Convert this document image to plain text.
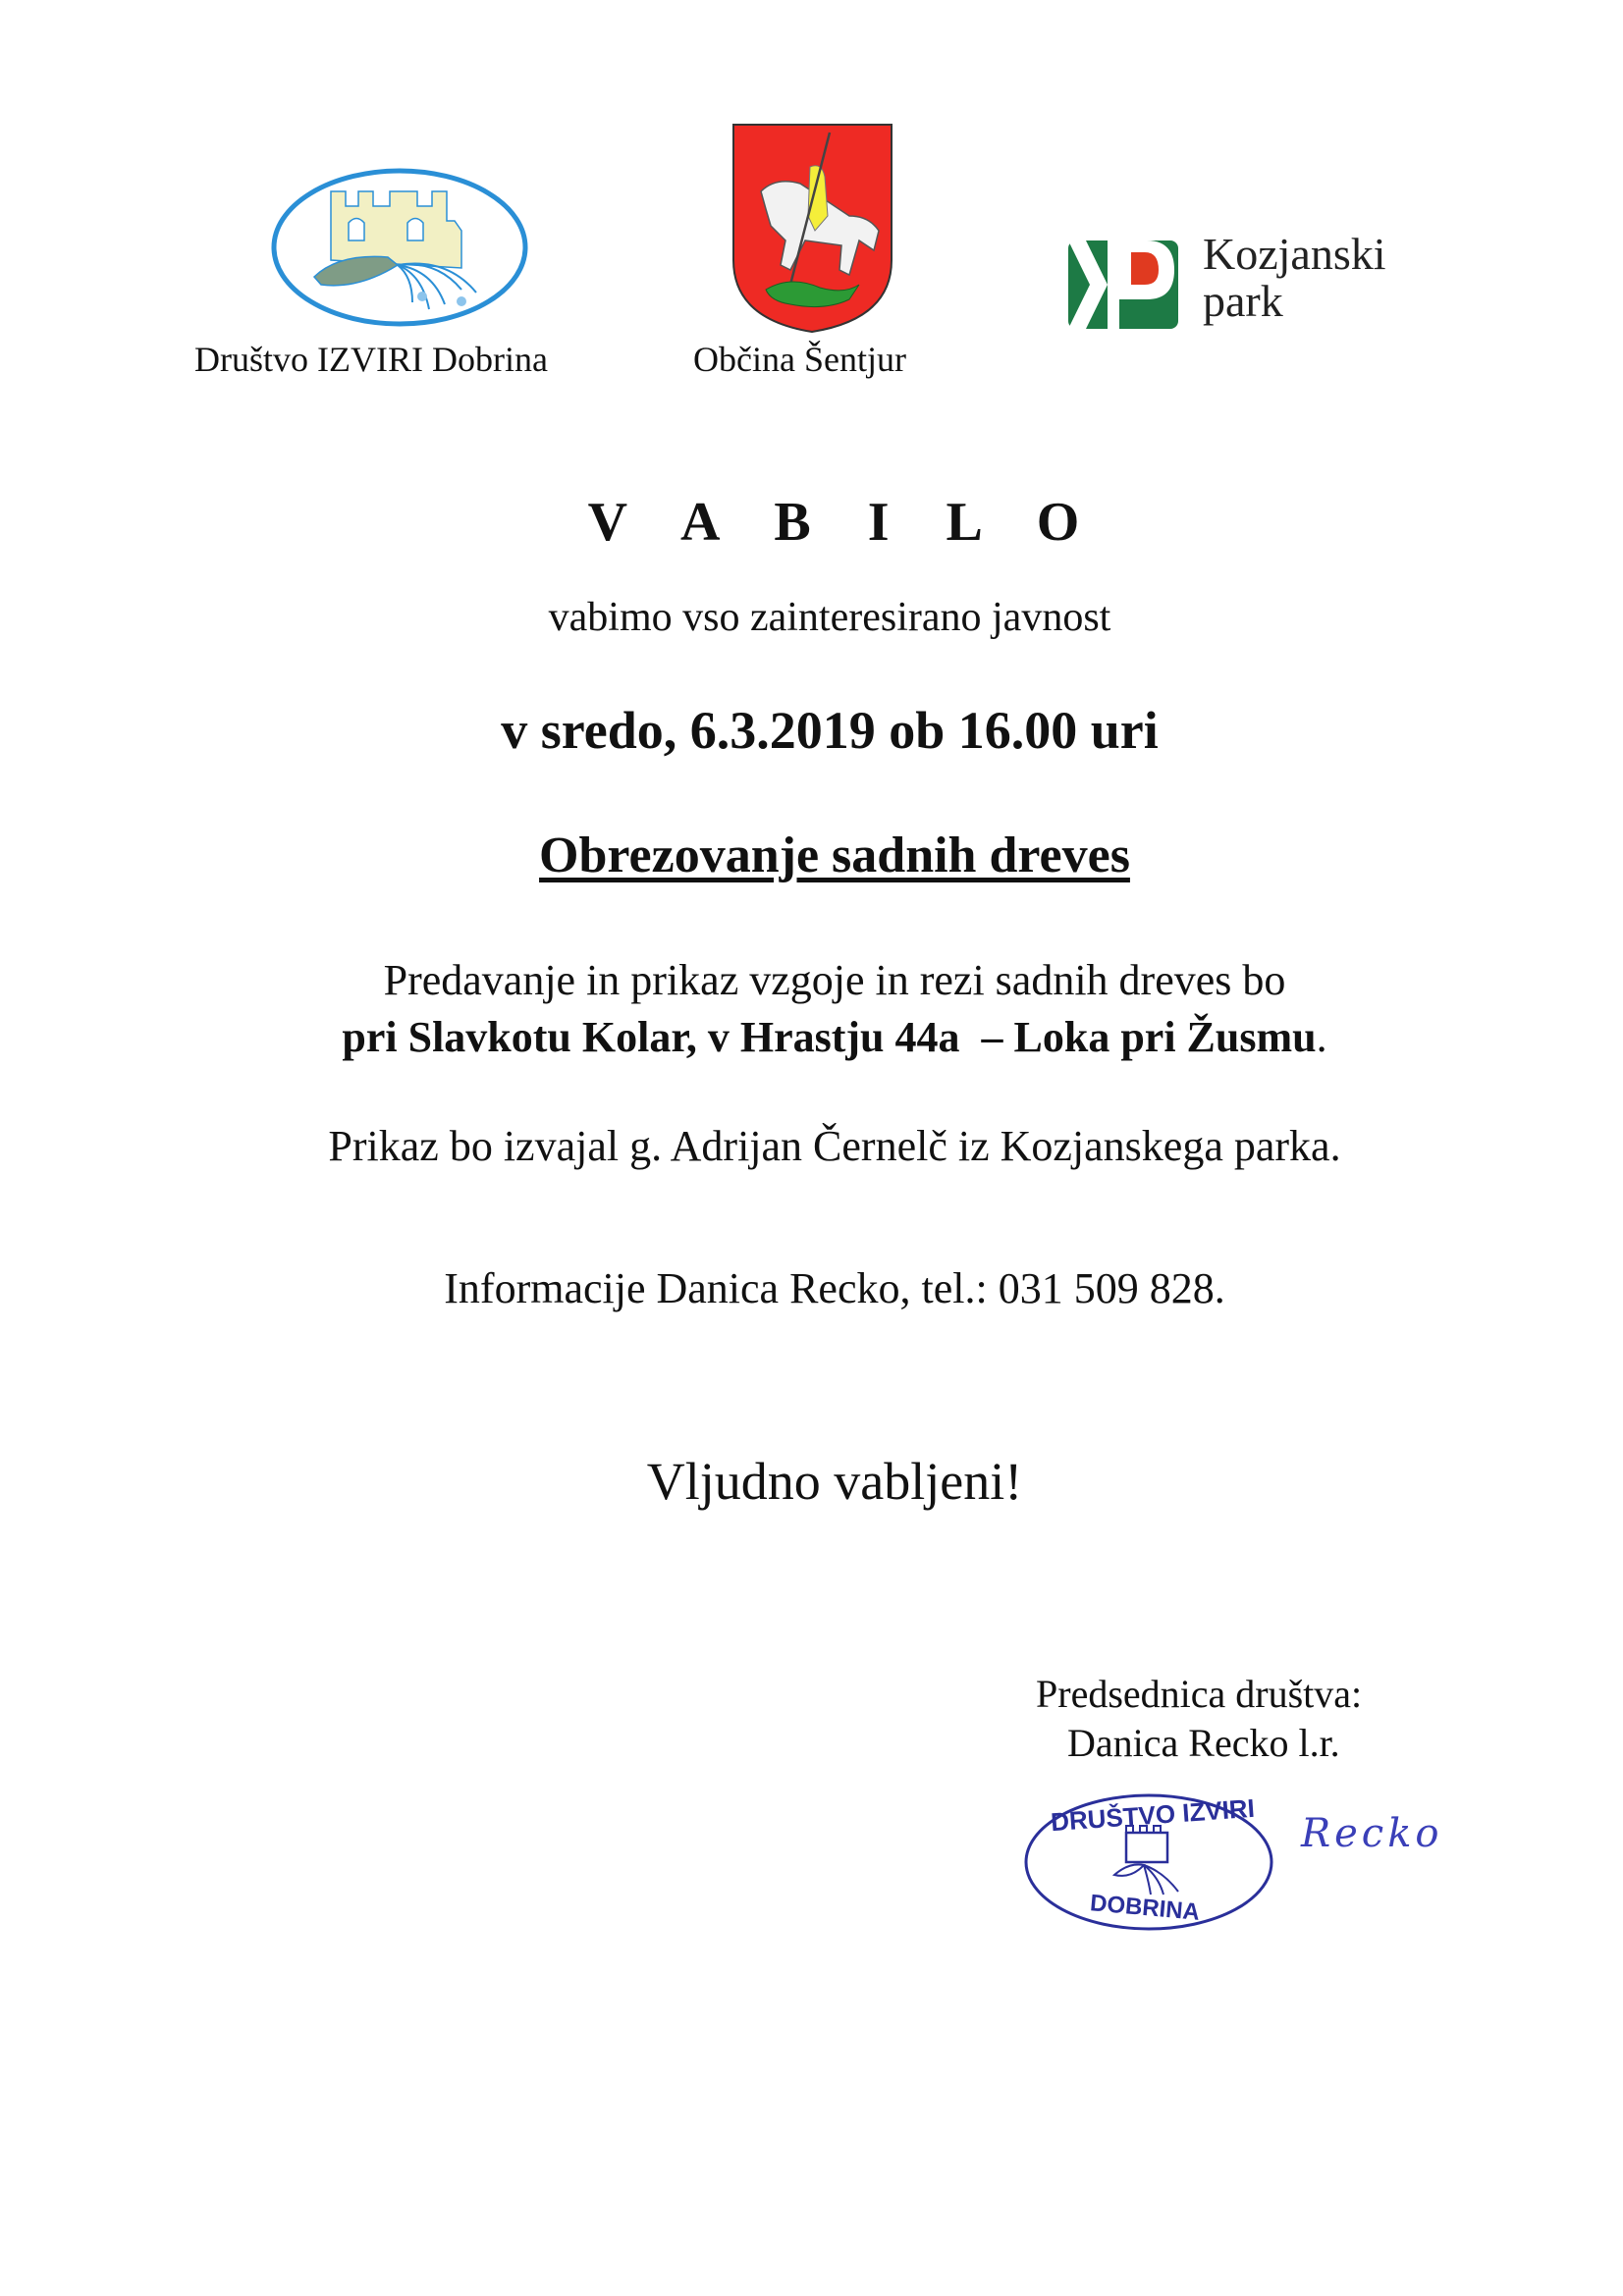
Društvo IZVIRI Dobrina	Občina Šentjur
Kozjanski
park
V A B I L O
vabimo vso zainteresirano javnost
v sredo, 6.3.2019 ob 16.00 uri
Obrezovanje sadnih dreves
Predavanje in prikaz vzgoje in rezi sadnih dreves bo
pri Slavkotu Kolar, v Hrastju 44a  – Loka pri Žusmu.
Prikaz bo izvajal g. Adrijan Černelč iz Kozjanskega parka.
Informacije Danica Recko, tel.: 031 509 828.
Vljudno vabljeni!
Predsednica društva:
Danica Recko l.r.
DRUŠTVO IZVIRI
DOBRINA
Recko
